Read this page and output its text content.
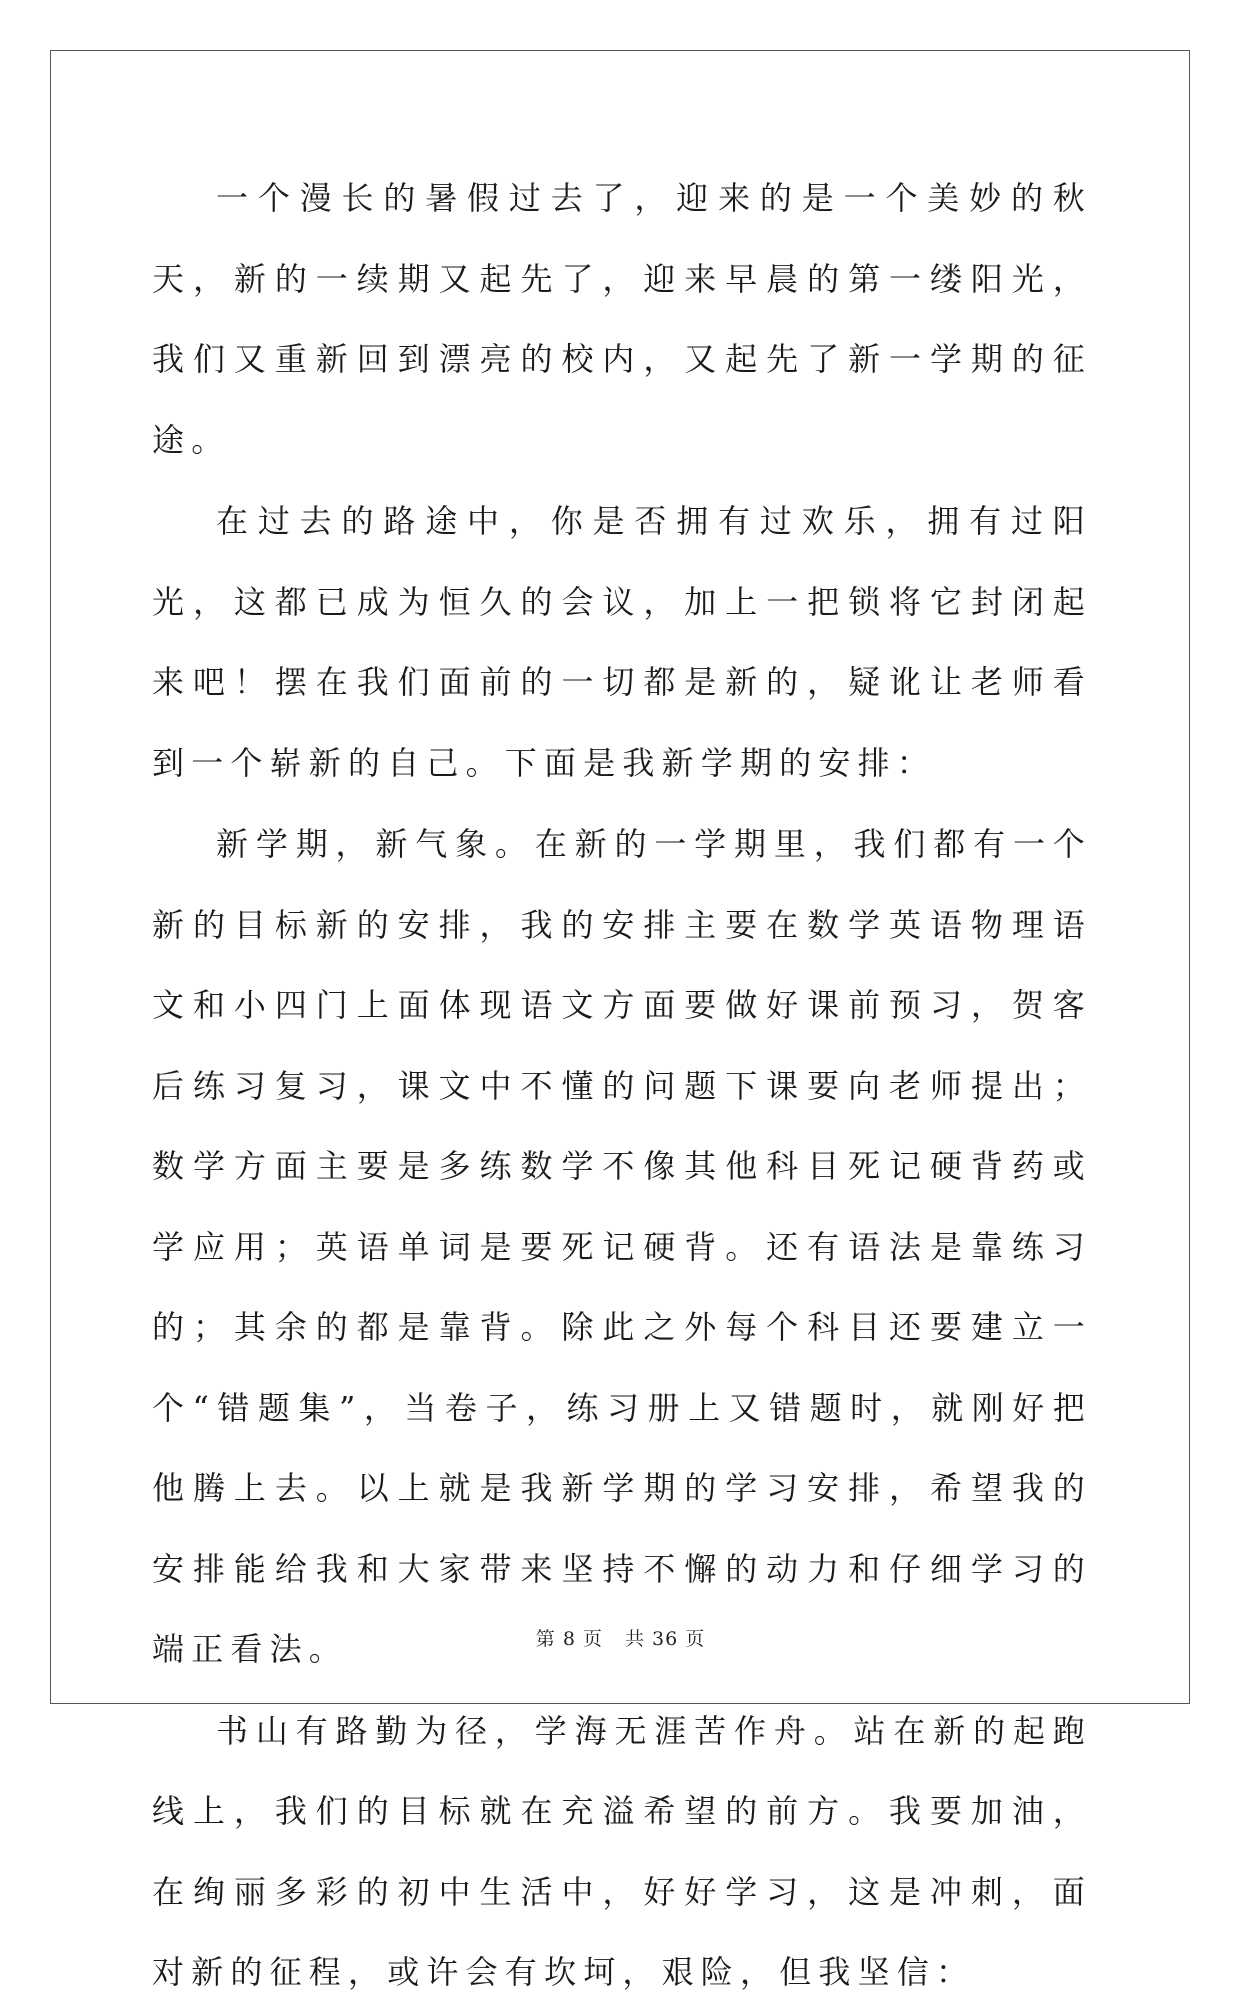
一个漫长的暑假过去了，迎来的是一个美妙的秋天，新的一续期又起先了，迎来早晨的第一缕阳光，我们又重新回到漂亮的校内，又起先了新一学期的征途。

在过去的路途中，你是否拥有过欢乐，拥有过阳光，这都已成为恒久的会议，加上一把锁将它封闭起来吧！摆在我们面前的一切都是新的，疑讹让老师看到一个崭新的自己。下面是我新学期的安排：

新学期，新气象。在新的一学期里，我们都有一个新的目标新的安排，我的安排主要在数学英语物理语文和小四门上面体现语文方面要做好课前预习，贺客后练习复习，课文中不懂的问题下课要向老师提出；数学方面主要是多练数学不像其他科目死记硬背药或学应用；英语单词是要死记硬背。还有语法是靠练习的；其余的都是靠背。除此之外每个科目还要建立一个“错题集”，当卷子，练习册上又错题时，就刚好把他腾上去。以上就是我新学期的学习安排，希望我的安排能给我和大家带来坚持不懈的动力和仔细学习的端正看法。

书山有路勤为径，学海无涯苦作舟。站在新的起跑线上，我们的目标就在充溢希望的前方。我要加油，在绚丽多彩的初中生活中，好好学习，这是冲刺，面对新的征程，或许会有坎坷，艰险，但我坚信：

第 8 页 共 36 页
